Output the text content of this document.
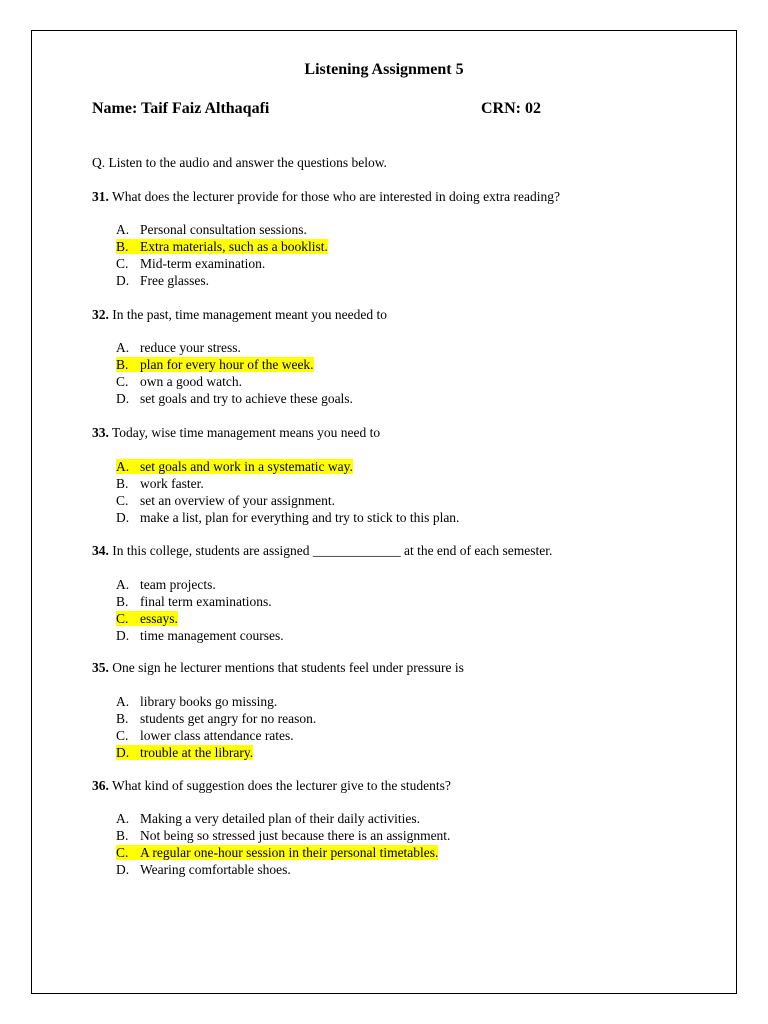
Listening Assignment 5
Name: Taif Faiz Althaqafi	CRN: 02
Q. Listen to the audio and answer the questions below.
31. What does the lecturer provide for those who are interested in doing extra reading?
A. Personal consultation sessions.
B. Extra materials, such as a booklist.
C. Mid-term examination.
D. Free glasses.
32. In the past, time management meant you needed to
A. reduce your stress.
B. plan for every hour of the week.
C. own a good watch.
D. set goals and try to achieve these goals.
33. Today, wise time management means you need to
A. set goals and work in a systematic way.
B. work faster.
C. set an overview of your assignment.
D. make a list, plan for everything and try to stick to this plan.
34. In this college, students are assigned _____________ at the end of each semester.
A. team projects.
B. final term examinations.
C. essays.
D. time management courses.
35. One sign he lecturer mentions that students feel under pressure is
A. library books go missing.
B. students get angry for no reason.
C. lower class attendance rates.
D. trouble at the library.
36. What kind of suggestion does the lecturer give to the students?
A. Making a very detailed plan of their daily activities.
B. Not being so stressed just because there is an assignment.
C. A regular one-hour session in their personal timetables.
D. Wearing comfortable shoes.
